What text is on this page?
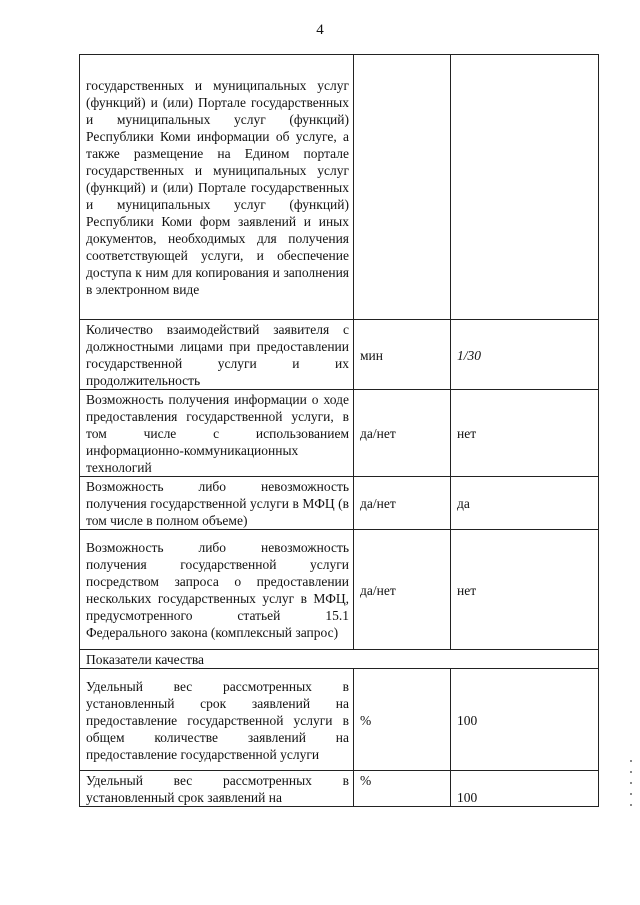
4
государственных и муниципальных услуг (функций) и (или) Портале государственных и муниципальных услуг (функций) Республики Коми информации об услуге, а также размещение на Едином портале государственных и муниципальных услуг (функций) и (или) Портале государственных и муниципальных услуг (функций) Республики Коми форм заявлений и иных документов, необходимых для получения соответствующей услуги, и обеспечение доступа к ним для копирования и заполнения в электронном виде		
Количество взаимодействий заявителя с должностными лицами при предоставлении государственной услуги и их продолжительность	мин	1/30
Возможность получения информации о ходе предоставления государственной услуги, в том числе с использованием информационно-коммуникационных технологий	да/нет	нет
Возможность либо невозможность получения государственной услуги в МФЦ (в том числе в полном объеме)	да/нет	да
Возможность либо невозможность получения государственной услуги посредством запроса о предоставлении нескольких государственных услуг в МФЦ, предусмотренного статьей 15.1 Федерального закона (комплексный запрос)	да/нет	нет
Показатели качества		
Удельный вес рассмотренных в установленный срок заявлений на предоставление государственной услуги в общем количестве заявлений на предоставление государственной услуги	%	100
Удельный вес рассмотренных в установленный срок заявлений на	%	100
